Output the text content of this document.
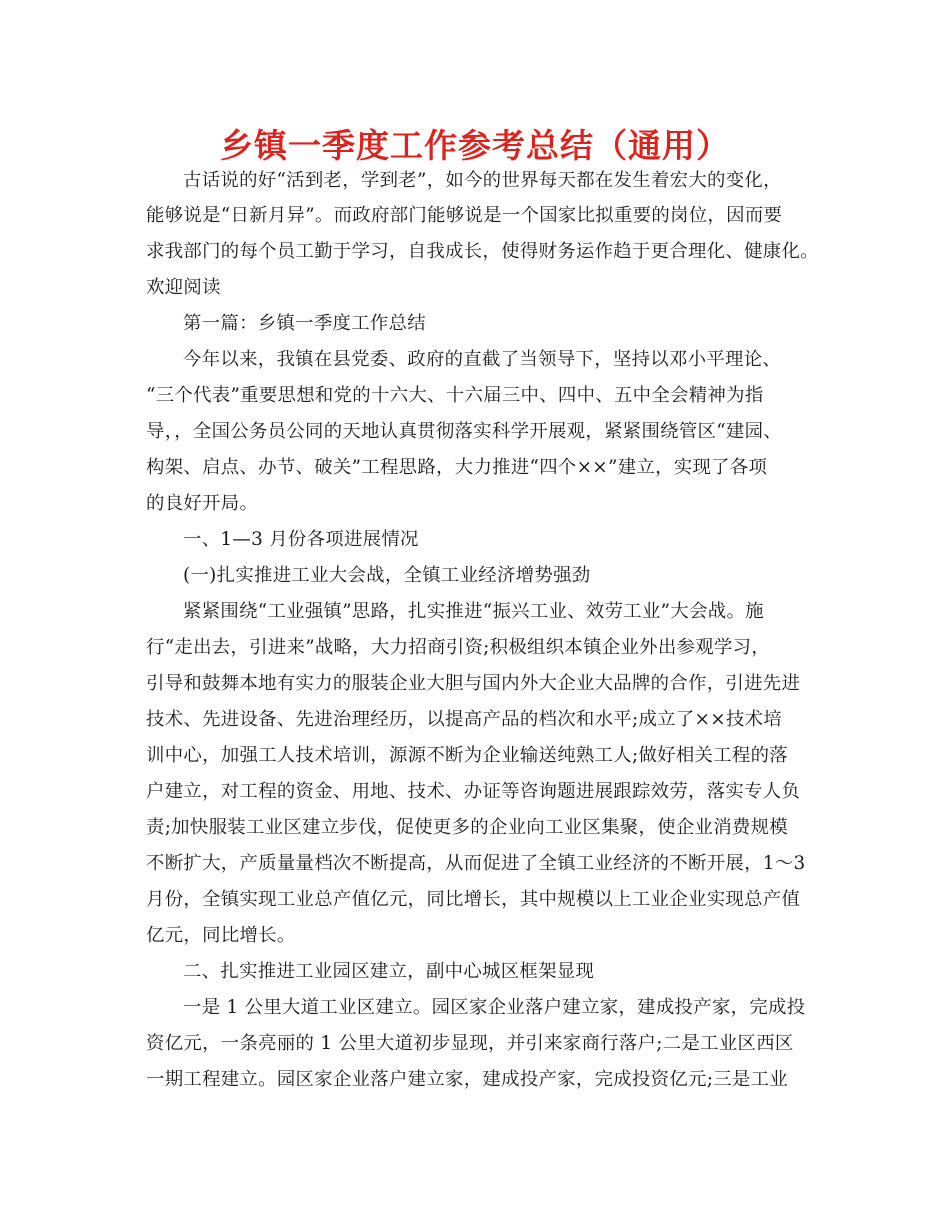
乡镇一季度工作参考总结（通用）
古话说的好“活到老，学到老”，如今的世界每天都在发生着宏大的变化，
能够说是“日新月异”。而政府部门能够说是一个国家比拟重要的岗位，因而要
求我部门的每个员工勤于学习，自我成长，使得财务运作趋于更合理化、健康化。
欢迎阅读
第一篇：乡镇一季度工作总结
今年以来，我镇在县党委、政府的直截了当领导下，坚持以邓小平理论、
“三个代表”重要思想和党的十六大、十六届三中、四中、五中全会精神为指
导，，全国公务员公同的天地认真贯彻落实科学开展观，紧紧围绕管区“建园、
构架、启点、办节、破关”工程思路，大力推进“四个××”建立，实现了各项
的良好开局。
一、1—3 月份各项进展情况
(一)扎实推进工业大会战，全镇工业经济增势强劲
紧紧围绕“工业强镇”思路，扎实推进“振兴工业、效劳工业”大会战。施
行“走出去，引进来”战略，大力招商引资;积极组织本镇企业外出参观学习，
引导和鼓舞本地有实力的服装企业大胆与国内外大企业大品牌的合作，引进先进
技术、先进设备、先进治理经历，以提高产品的档次和水平;成立了××技术培
训中心，加强工人技术培训，源源不断为企业输送纯熟工人;做好相关工程的落
户建立，对工程的资金、用地、技术、办证等咨询题进展跟踪效劳，落实专人负
责;加快服装工业区建立步伐，促使更多的企业向工业区集聚，使企业消费规模
不断扩大，产质量量档次不断提高，从而促进了全镇工业经济的不断开展，1～3
月份，全镇实现工业总产值亿元，同比增长，其中规模以上工业企业实现总产值
亿元，同比增长。
二、扎实推进工业园区建立，副中心城区框架显现
一是 1 公里大道工业区建立。园区家企业落户建立家，建成投产家，完成投
资亿元，一条亮丽的 1 公里大道初步显现，并引来家商行落户;二是工业区西区
一期工程建立。园区家企业落户建立家，建成投产家，完成投资亿元;三是工业
